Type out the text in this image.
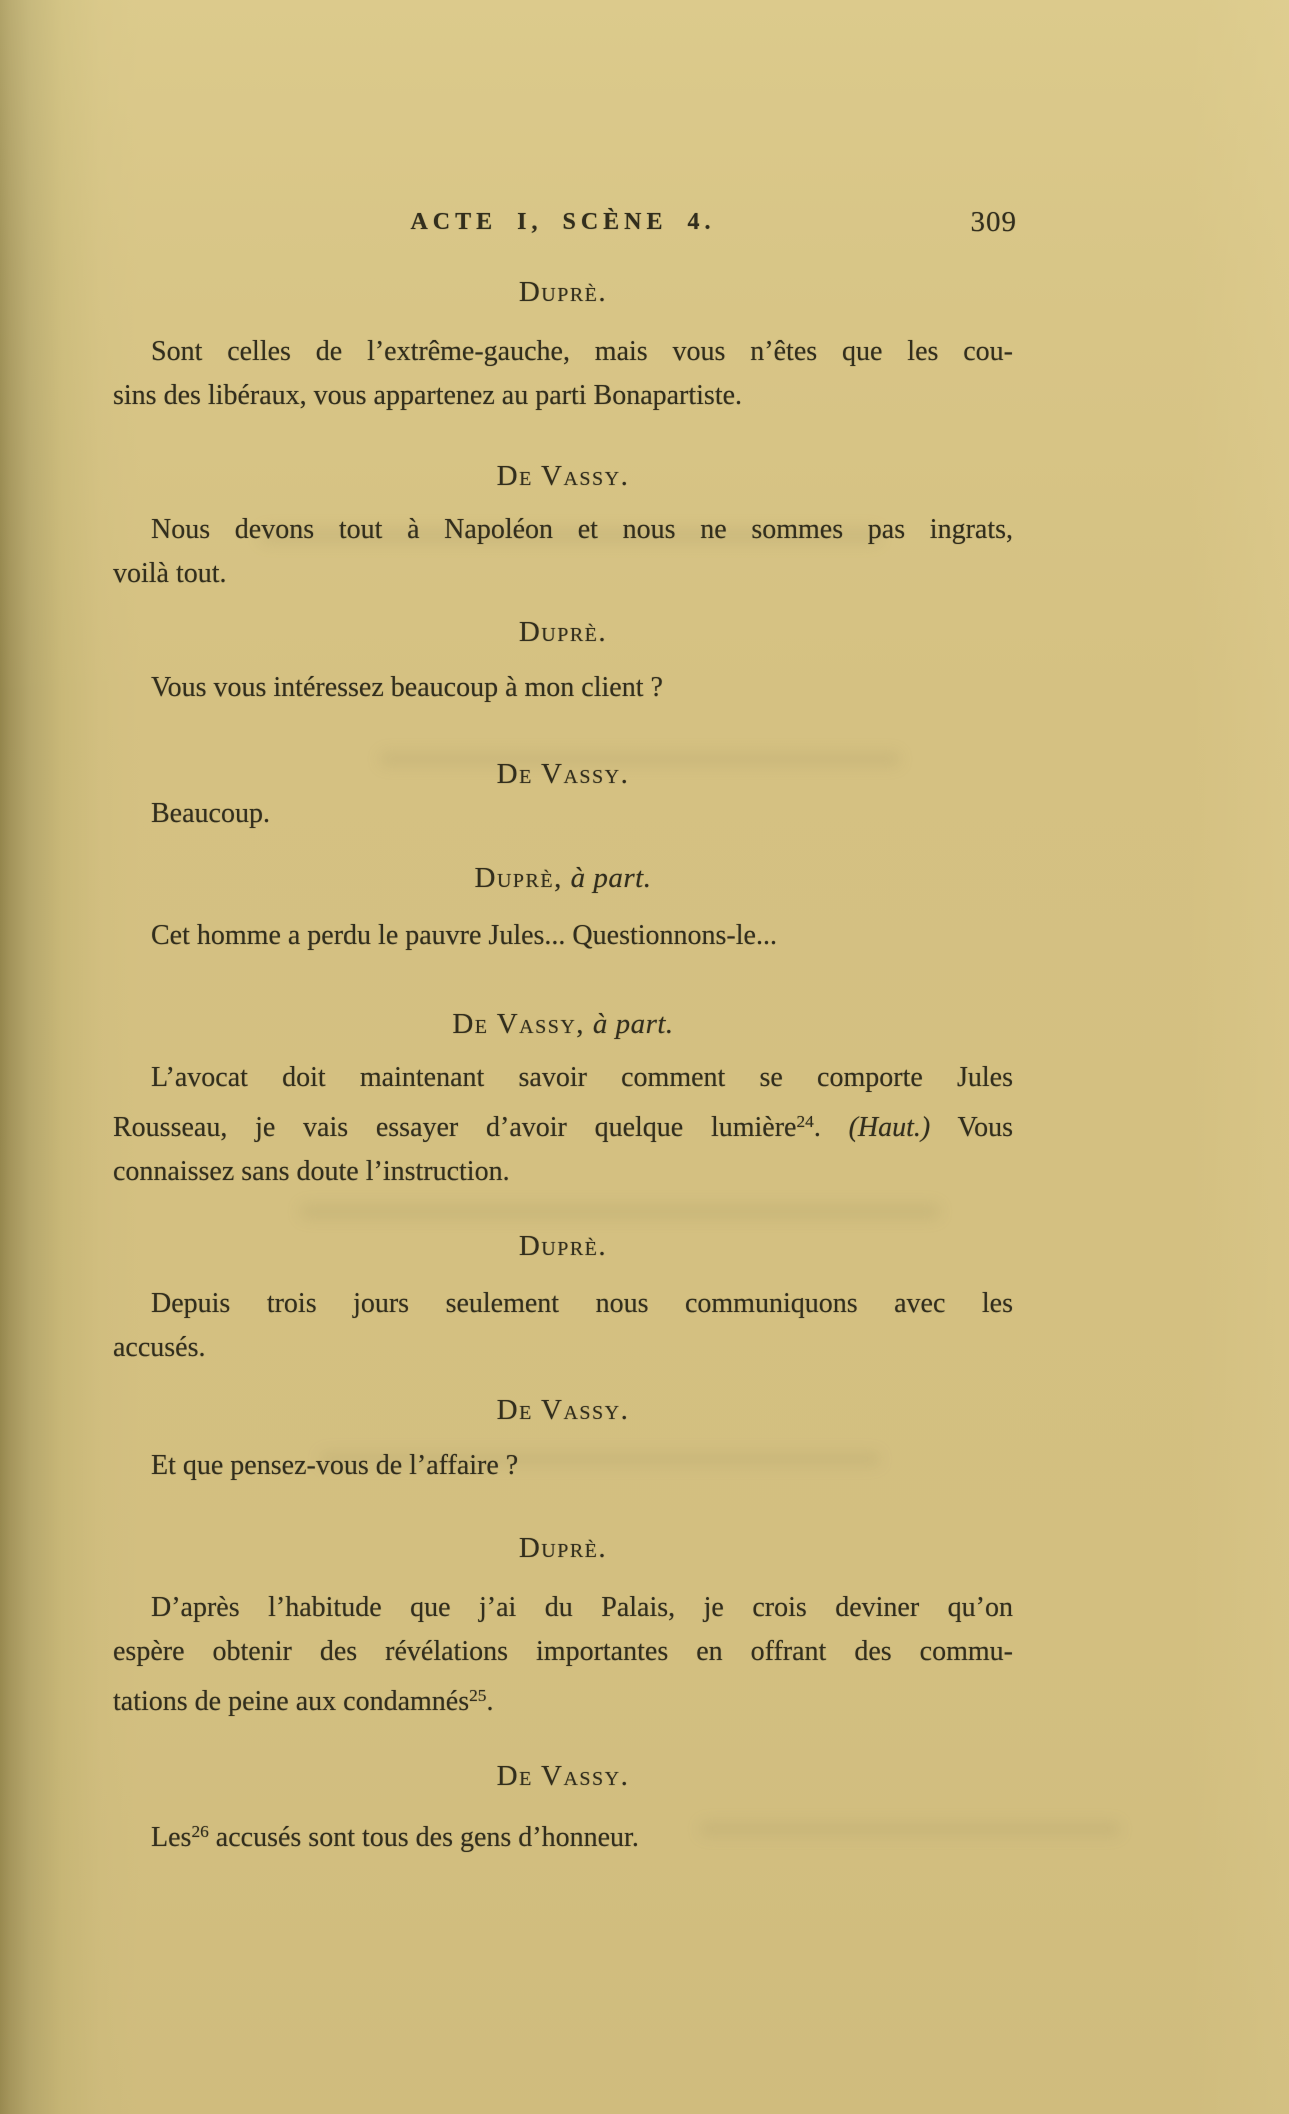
ACTE I, SCÈNE 4.	309
Duprè.
Sont celles de l’extrême-gauche, mais vous n’êtes que les cou-
sins des libéraux, vous appartenez au parti Bonapartiste.
De Vassy.
Nous devons tout à Napoléon et nous ne sommes pas ingrats,
voilà tout.
Duprè.
Vous vous intéressez beaucoup à mon client ?
De Vassy.
Beaucoup.
Duprè, à part.
Cet homme a perdu le pauvre Jules... Questionnons-le...
De Vassy, à part.
L’avocat doit maintenant savoir comment se comporte Jules
Rousseau, je vais essayer d’avoir quelque lumière$^{24}$. (Haut.) Vous
connaissez sans doute l’instruction.
Duprè.
Depuis trois jours seulement nous communiquons avec les
accusés.
De Vassy.
Et que pensez-vous de l’affaire ?
Duprè.
D’après l’habitude que j’ai du Palais, je crois deviner qu’on
espère obtenir des révélations importantes en offrant des commu-
tations de peine aux condamnés$^{25}$.
De Vassy.
Les$^{26}$ accusés sont tous des gens d’honneur.
